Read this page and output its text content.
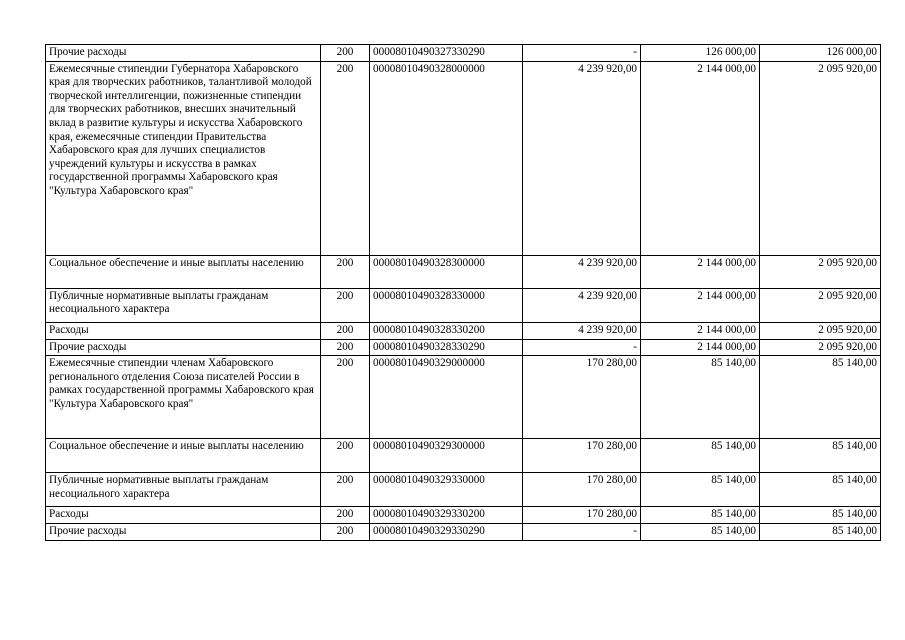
Прочие расходы	200	00008010490327330290	-	126 000,00	126 000,00
Ежемесячные стипендии Губернатора Хабаровского края для творческих работников, талантливой молодой творческой интеллигенции, пожизненные стипендии для творческих работников, внесших значительный вклад в развитие культуры и искусства Хабаровского края, ежемесячные стипендии Правительства Хабаровского края для лучших специалистов учреждений культуры и искусства в рамках государственной программы Хабаровского края "Культура Хабаровского края"	200	00008010490328000000	4 239 920,00	2 144 000,00	2 095 920,00
Социальное обеспечение и иные выплаты населению	200	00008010490328300000	4 239 920,00	2 144 000,00	2 095 920,00
Публичные нормативные выплаты гражданам несоциального характера	200	00008010490328330000	4 239 920,00	2 144 000,00	2 095 920,00
Расходы	200	00008010490328330200	4 239 920,00	2 144 000,00	2 095 920,00
Прочие расходы	200	00008010490328330290	-	2 144 000,00	2 095 920,00
Ежемесячные стипендии членам Хабаровского регионального отделения Союза писателей России в рамках государственной программы Хабаровского края "Культура Хабаровского края"	200	00008010490329000000	170 280,00	85 140,00	85 140,00
Социальное обеспечение и иные выплаты населению	200	00008010490329300000	170 280,00	85 140,00	85 140,00
Публичные нормативные выплаты гражданам несоциального характера	200	00008010490329330000	170 280,00	85 140,00	85 140,00
Расходы	200	00008010490329330200	170 280,00	85 140,00	85 140,00
Прочие расходы	200	00008010490329330290	-	85 140,00	85 140,00
